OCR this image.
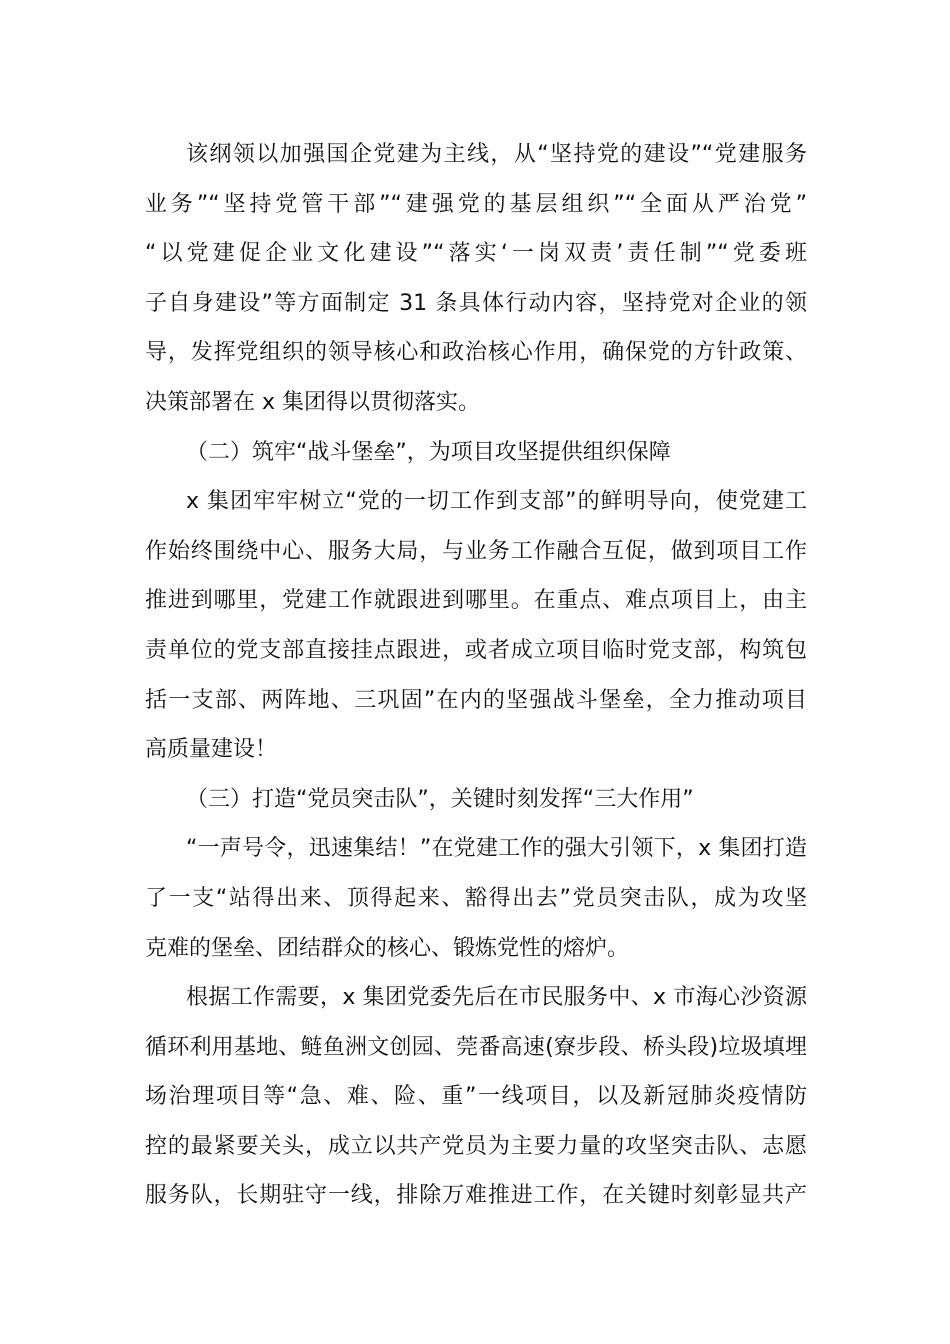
该纲领以加强国企党建为主线，从“坚持党的建设”“党建服务
业务”“坚持党管干部”“建强党的基层组织”“全面从严治党”
“以党建促企业文化建设”“落实‘一岗双责’责任制”“党委班
子自身建设”等方面制定 31 条具体行动内容，坚持党对企业的领
导，发挥党组织的领导核心和政治核心作用，确保党的方针政策、
决策部署在 x 集团得以贯彻落实。
（二）筑牢“战斗堡垒”，为项目攻坚提供组织保障
x 集团牢牢树立“党的一切工作到支部”的鲜明导向，使党建工
作始终围绕中心、服务大局，与业务工作融合互促，做到项目工作
推进到哪里，党建工作就跟进到哪里。在重点、难点项目上，由主
责单位的党支部直接挂点跟进，或者成立项目临时党支部，构筑包
括一支部、两阵地、三巩固”在内的坚强战斗堡垒，全力推动项目
高质量建设！
（三）打造“党员突击队”，关键时刻发挥“三大作用”
“一声号令，迅速集结！”在党建工作的强大引领下，x 集团打造
了一支“站得出来、顶得起来、豁得出去”党员突击队，成为攻坚
克难的堡垒、团结群众的核心、锻炼党性的熔炉。
根据工作需要，x 集团党委先后在市民服务中、x 市海心沙资源
循环利用基地、鲢鱼洲文创园、莞番高速(寮步段、桥头段)垃圾填埋
场治理项目等“急、难、险、重”一线项目，以及新冠肺炎疫情防
控的最紧要关头，成立以共产党员为主要力量的攻坚突击队、志愿
服务队，长期驻守一线，排除万难推进工作，在关键时刻彰显共产
